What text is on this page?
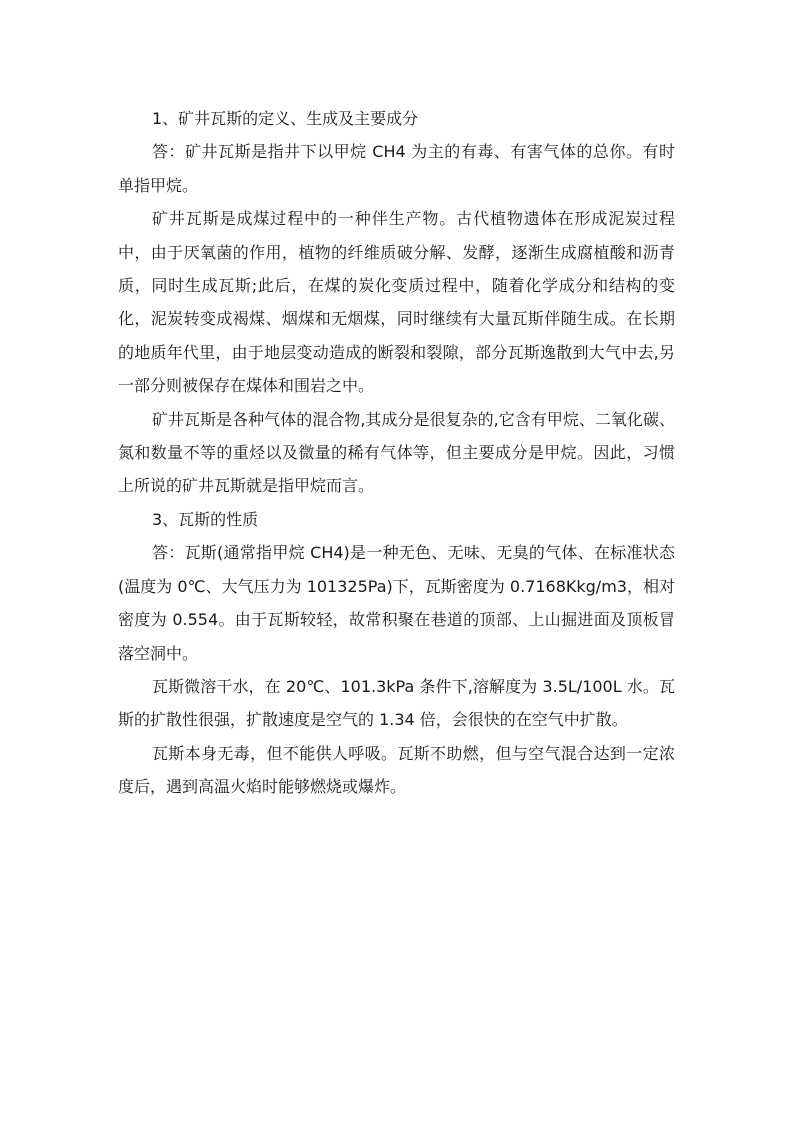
1、矿井瓦斯的定义、生成及主要成分

答：矿井瓦斯是指井下以甲烷 CH4 为主的有毒、有害气体的总你。有时单指甲烷。

矿井瓦斯是成煤过程中的一种伴生产物。古代植物遗体在形成泥炭过程中，由于厌氧菌的作用，植物的纤维质破分解、发酵，逐渐生成腐植酸和沥青质，同时生成瓦斯;此后，在煤的炭化变质过程中，随着化学成分和结构的变化，泥炭转变成褐煤、烟煤和无烟煤，同时继续有大量瓦斯伴随生成。在长期的地质年代里，由于地层变动造成的断裂和裂隙，部分瓦斯逸散到大气中去,另一部分则被保存在煤体和围岩之中。

矿井瓦斯是各种气体的混合物,其成分是很复杂的,它含有甲烷、二氧化碳、氮和数量不等的重烃以及微量的稀有气体等，但主要成分是甲烷。因此，习惯上所说的矿井瓦斯就是指甲烷而言。

3、瓦斯的性质

答：瓦斯(通常指甲烷 CH4)是一种无色、无味、无臭的气体、在标准状态(温度为 0℃、大气压力为 101325Pa)下，瓦斯密度为 0.7168Kkg/m3，相对密度为 0.554。由于瓦斯较轻，故常积聚在巷道的顶部、上山掘进面及顶板冒落空洞中。

瓦斯微溶干水，在 20℃、101.3kPa 条件下,溶解度为 3.5L/100L 水。瓦斯的扩散性很强，扩散速度是空气的 1.34 倍，会很快的在空气中扩散。

瓦斯本身无毒，但不能供人呼吸。瓦斯不助燃，但与空气混合达到一定浓度后，遇到高温火焰时能够燃烧或爆炸。
